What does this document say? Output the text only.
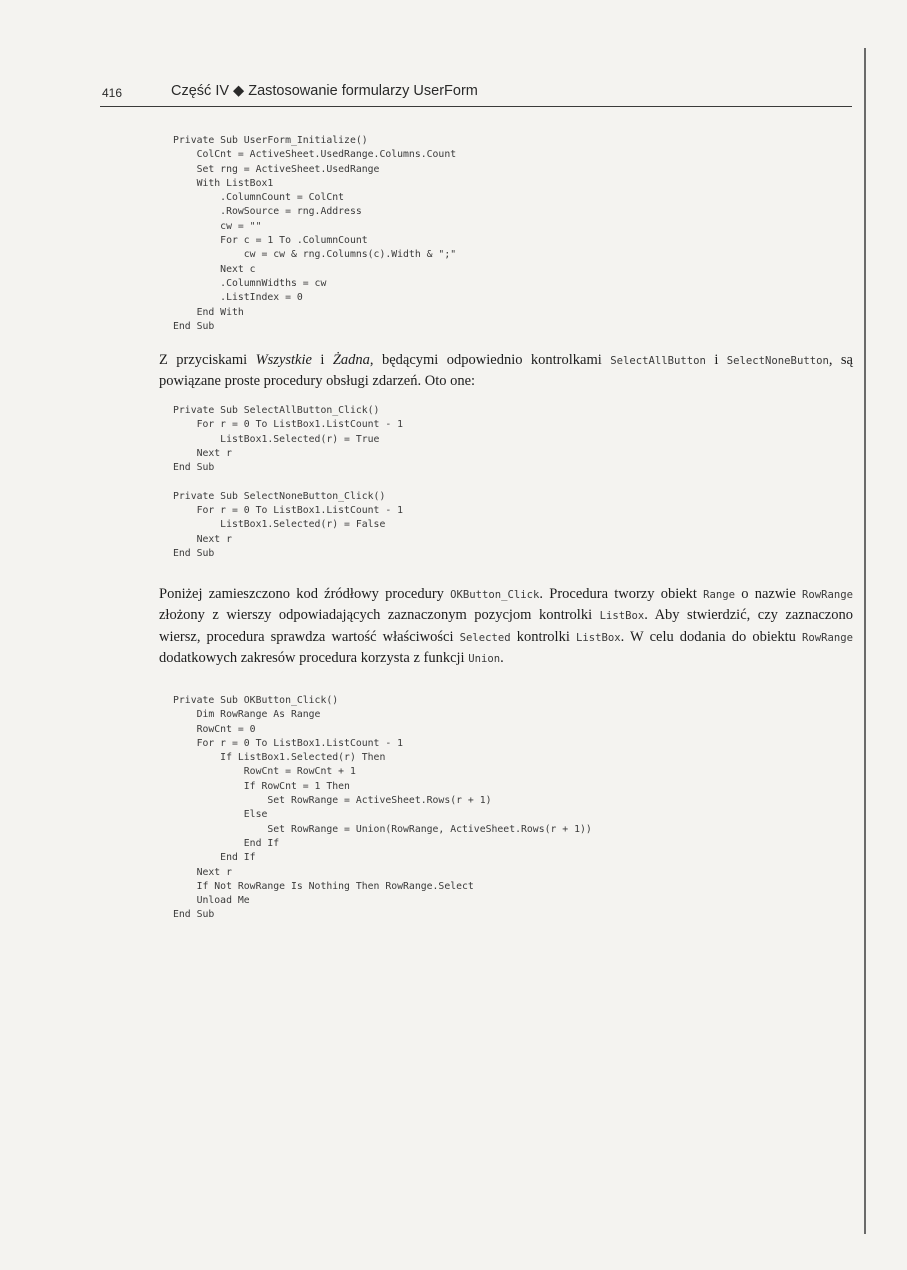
416	Część IV ◆ Zastosowanie formularzy UserForm
Private Sub UserForm_Initialize()
ColCnt = ActiveSheet.UsedRange.Columns.Count
Set rng = ActiveSheet.UsedRange
With ListBox1
.ColumnCount = ColCnt
.RowSource = rng.Address
cw = ""
For c = 1 To .ColumnCount
cw = cw & rng.Columns(c).Width & ";"
Next c
.ColumnWidths = cw
.ListIndex = 0
End With
End Sub

Z przyciskami Wszystkie i Żadna, będącymi odpowiednio kontrolkami SelectAllButton i SelectNoneButton, są powiązane proste procedury obsługi zdarzeń. Oto one:

Private Sub SelectAllButton_Click()
For r = 0 To ListBox1.ListCount - 1
ListBox1.Selected(r) = True
Next r
End Sub

Private Sub SelectNoneButton_Click()
For r = 0 To ListBox1.ListCount - 1
ListBox1.Selected(r) = False
Next r
End Sub

Poniżej zamieszczono kod źródłowy procedury OKButton_Click. Procedura tworzy obiekt Range o nazwie RowRange złożony z wierszy odpowiadających zaznaczonym pozycjom kontrolki ListBox. Aby stwierdzić, czy zaznaczono wiersz, procedura sprawdza wartość właściwości Selected kontrolki ListBox. W celu dodania do obiektu RowRange dodatkowych zakresów procedura korzysta z funkcji Union.

Private Sub OKButton_Click()
Dim RowRange As Range
RowCnt = 0
For r = 0 To ListBox1.ListCount - 1
If ListBox1.Selected(r) Then
RowCnt = RowCnt + 1
If RowCnt = 1 Then
Set RowRange = ActiveSheet.Rows(r + 1)
Else
Set RowRange = Union(RowRange, ActiveSheet.Rows(r + 1))
End If
End If
Next r
If Not RowRange Is Nothing Then RowRange.Select
Unload Me
End Sub
